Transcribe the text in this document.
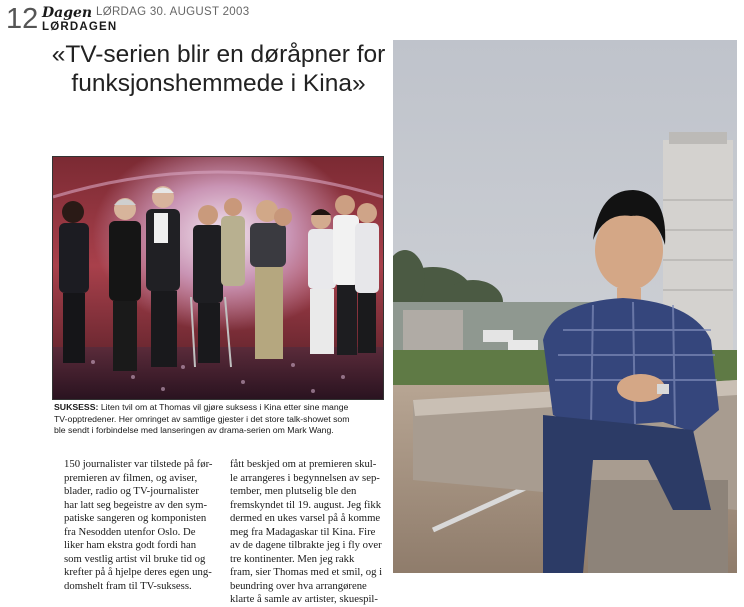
12 Dagen LØRDAG 30. AUGUST 2003
LØRDAGEN
«TV-serien blir en døråpner for
funksjonshemmede i Kina»
SUKSESS: Liten tvil om at Thomas vil gjøre suksess i Kina etter sine mange
TV-opptredener. Her omringet av samtlige gjester i det store talk-showet som
ble sendt i forbindelse med lanseringen av drama-serien om Mark Wang.
150 journalister var tilstede på før-
premieren av filmen, og aviser,
blader, radio og TV-journalister
har latt seg begeistre av den sym-
patiske sangeren og komponisten
fra Nesodden utenfor Oslo. De
liker ham ekstra godt fordi han
som vestlig artist vil bruke tid og
krefter på å hjelpe deres egen ung-
domshelt fram til TV-suksess.
fått beskjed om at premieren skul-
le arrangeres i begynnelsen av sep-
tember, men plutselig ble den
fremskyndet til 19. august. Jeg fikk
dermed en ukes varsel på å komme
meg fra Madagaskar til Kina. Fire
av de dagene tilbrakte jeg i fly over
tre kontinenter. Men jeg rakk
fram, sier Thomas med et smil, og i
beundring over hva arrangørene
klarte å samle av artister, skuespil-
